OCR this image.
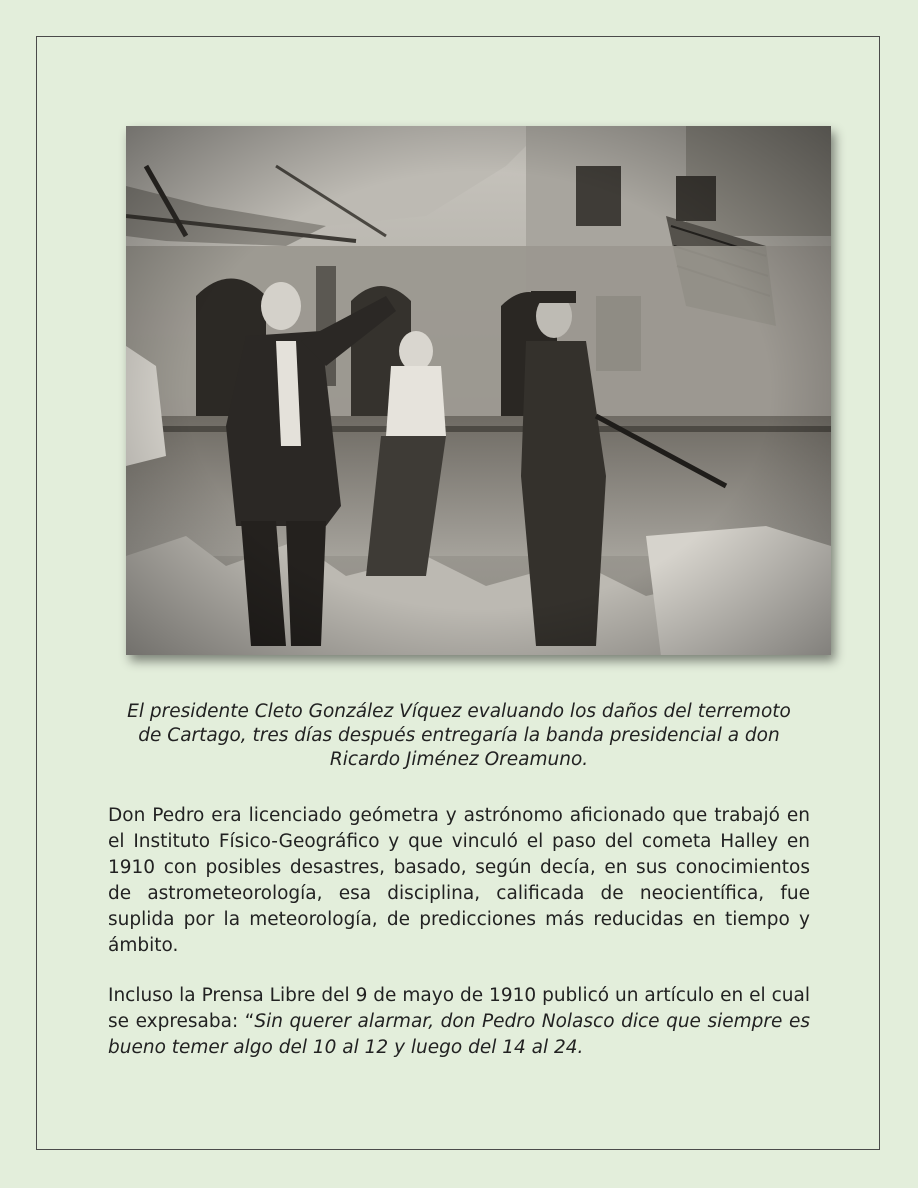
El presidente Cleto González Víquez evaluando los daños del terremoto de Cartago, tres días después entregaría la banda presidencial a don Ricardo Jiménez Oreamuno.
Don Pedro era licenciado geómetra y astrónomo aficionado que trabajó en el Instituto Físico-Geográfico y que vinculó el paso del cometa Halley en 1910 con posibles desastres, basado, según decía, en sus conocimientos de astrometeorología, esa disciplina, calificada de neocientífica, fue suplida por la meteorología, de predicciones más reducidas en tiempo y ámbito.
Incluso la Prensa Libre del 9 de mayo de 1910 publicó un artículo en el cual se expresaba: “Sin querer alarmar, don Pedro Nolasco dice que siempre es bueno temer algo del 10 al 12 y luego del 14 al 24.
